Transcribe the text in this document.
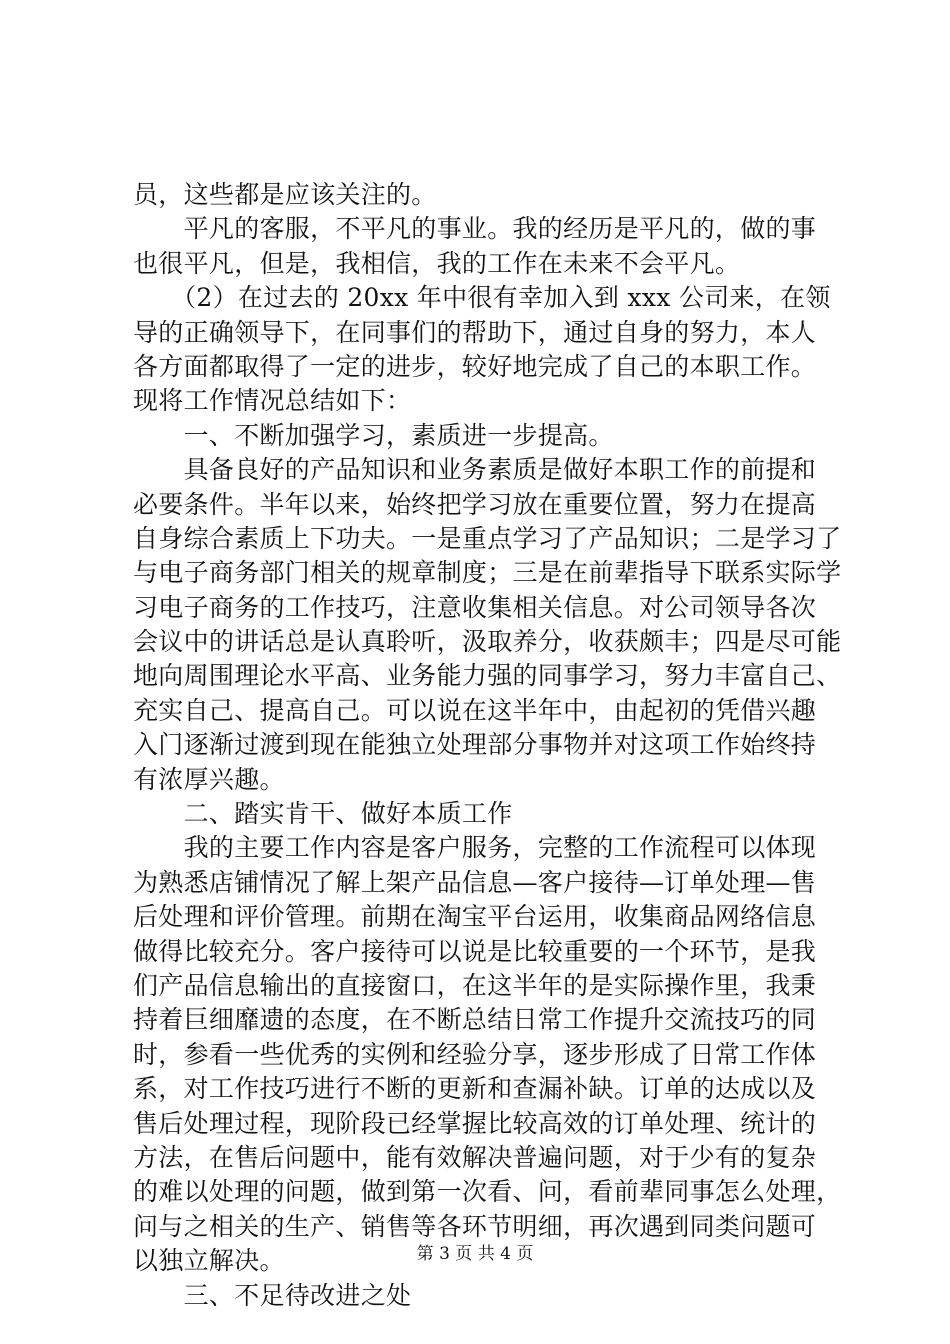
员，这些都是应该关注的。
　　平凡的客服，不平凡的事业。我的经历是平凡的，做的事
也很平凡，但是，我相信，我的工作在未来不会平凡。
　　（2）在过去的 20xx 年中很有幸加入到 xxx 公司来，在领
导的正确领导下，在同事们的帮助下，通过自身的努力，本人
各方面都取得了一定的进步，较好地完成了自己的本职工作。
现将工作情况总结如下：
　　一、不断加强学习，素质进一步提高。
　　具备良好的产品知识和业务素质是做好本职工作的前提和
必要条件。半年以来，始终把学习放在重要位置，努力在提高
自身综合素质上下功夫。一是重点学习了产品知识；二是学习了
与电子商务部门相关的规章制度；三是在前辈指导下联系实际学
习电子商务的工作技巧，注意收集相关信息。对公司领导各次
会议中的讲话总是认真聆听，汲取养分，收获颇丰；四是尽可能
地向周围理论水平高、业务能力强的同事学习，努力丰富自己、
充实自己、提高自己。可以说在这半年中，由起初的凭借兴趣
入门逐渐过渡到现在能独立处理部分事物并对这项工作始终持
有浓厚兴趣。
　　二、踏实肯干、做好本质工作
　　我的主要工作内容是客户服务，完整的工作流程可以体现
为熟悉店铺情况了解上架产品信息—客户接待—订单处理—售
后处理和评价管理。前期在淘宝平台运用，收集商品网络信息
做得比较充分。客户接待可以说是比较重要的一个环节，是我
们产品信息输出的直接窗口，在这半年的是实际操作里，我秉
持着巨细靡遗的态度，在不断总结日常工作提升交流技巧的同
时，参看一些优秀的实例和经验分享，逐步形成了日常工作体
系，对工作技巧进行不断的更新和查漏补缺。订单的达成以及
售后处理过程，现阶段已经掌握比较高效的订单处理、统计的
方法，在售后问题中，能有效解决普遍问题，对于少有的复杂
的难以处理的问题，做到第一次看、问，看前辈同事怎么处理，
问与之相关的生产、销售等各环节明细，再次遇到同类问题可
以独立解决。
　　三、不足待改进之处
第 3 页 共 4 页
